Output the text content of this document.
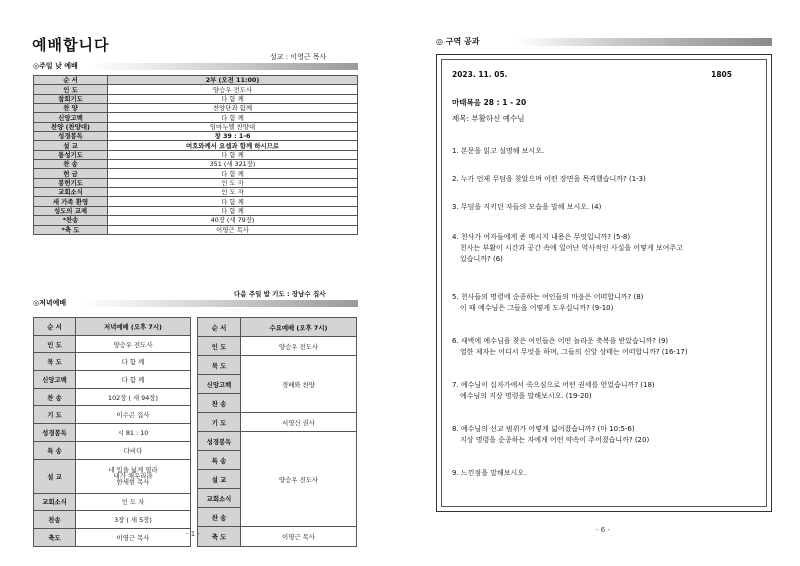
예배합니다
설교 : 이영근 목사
◎주일 낮 예배
순 서	2부 (오전 11:00)
인 도	양승우 전도사
참회기도	다 함 께
찬 양	찬양단과 함께
신앙고백	다 함 께
찬양 (찬양대)	임마누엘 찬양대
성경봉독	창 39 : 1-6
설 교	여호와께서 요셉과 함께 하시므로
통성기도	다 함 께
찬 송	351 (새 321장)
헌 금	다 함 께
봉헌기도	인 도 자
교회소식	인 도 자
새 가족 환영	다 함 께
성도의 교제	다 함 께
*찬송	40장 (새 79장)
*축 도	이영근 목사
다음 주일 밥 기도 : 장남수 집사
◎저녁예배
순 서	저녁예배 (오후 7시)
인 도	양승우 전도사
묵 도	다 함 께
신앙고백	다 함 께
찬 송	102장 ( 새 94장)
기 도	이수곤 집사
성경봉독	시 81 : 10
특 송	다비다
설 교	네 입을 넓게 열라
내가 채우리라
한세현 목사
교회소식	인 도 자
찬송	3장 ( 새 5장)
축도	이영근 목사
순 서	수요예배 (오후 7시)
인 도	양승우 전도사
묵 도	경배와 찬양
신앙고백	
찬 송	
기 도	서영신 권사
성경봉독	양승우 전도사
특 송	
설 교	
교회소식	
찬 송	
축 도	이영근 목사
- 1 -
◎ 구역 공과
2023. 11. 05.	1805
마태복음 28 : 1 - 20
제목: 부활하신 예수님
1. 본문을 읽고 설명해 보시오.
2. 누가 언제 무덤을 찾았으며 어떤 장면을 목격했습니까? (1-3)
3. 무덤을 지키던 자들의 모습을 말해 보시오. (4)
4. 천사가 여자들에게 준 메시지 내용은 무엇입니까? (5-8)
천사는 부활이 시간과 공간 속에 일어난 역사적인 사실을 어떻게 보여주고
있습니까? (6)
5. 천사들의 명령에 순종하는 여인들의 마음은 어떠합니까? (8)
이 때 예수님은 그들을 어떻게 도우십니까? (9-10)
6. 새벽에 예수님을 찾은 여인들은 어떤 놀라운 축복을 받았습니까? (9)
열한 제자는 어디서 무엇을 하며, 그들의 신앙 상태는 어떠합니까? (16-17)
7. 예수님이 십자가에서 죽으심으로 어떤 권세를 얻었습니까? (18)
예수님의 지상 명령을 말해보시오. (19-20)
8. 예수님의 선교 범위가 어떻게 넓어졌습니까? (마 10:5-6)
지상 명령을 순종하는 자에게 어떤 약속이 주어졌습니까? (20)
9. 느낀점을 말해보시오.
- 6 -
